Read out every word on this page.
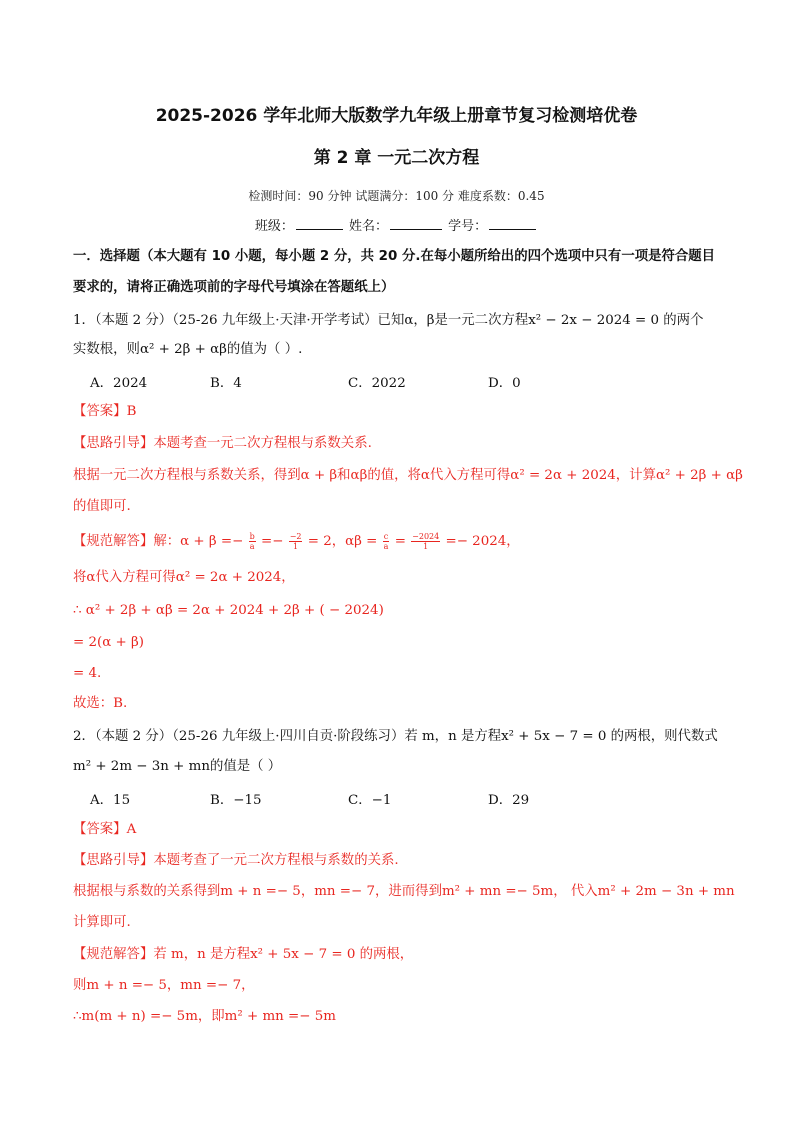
2025-2026 学年北师大版数学九年级上册章节复习检测培优卷
第 2 章 一元二次方程
检测时间：90 分钟 试题满分：100 分 难度系数：0.45
班级：	姓名：	学号：
一．选择题（本大题有 10 小题，每小题 2 分，共 20 分.在每小题所给出的四个选项中只有一项是符合题目
要求的，请将正确选项前的字母代号填涂在答题纸上）
1．（本题 2 分）（25-26 九年级上·天津·开学考试）已知α，β是一元二次方程x² − 2x − 2024 = 0 的两个
实数根，则α² + 2β + αβ的值为（ ）.
A．2024	B．4	C．2022	D．0
【答案】B
【思路引导】本题考查一元二次方程根与系数关系.
根据一元二次方程根与系数关系，得到α + β和αβ的值，将α代入方程可得α² = 2α + 2024，计算α² + 2β + αβ
的值即可.
【规范解答】解：$\alpha + \beta =- \frac{b}{a} =- \frac{-2}{1} = 2$，$\alpha\beta = \frac{c}{a} = \frac{-2024}{1} =- 2024$，
将α代入方程可得α² = 2α + 2024，
∴ α² + 2β + αβ = 2α + 2024 + 2β + ( − 2024)
= 2(α + β)
= 4.
故选：B.
2．（本题 2 分）（25-26 九年级上·四川自贡·阶段练习）若 m，n 是方程x² + 5x − 7 = 0 的两根，则代数式
m² + 2m − 3n + mn的值是（ ）
A．15	B．−15	C．−1	D．29
【答案】A
【思路引导】本题考查了一元二次方程根与系数的关系.
根据根与系数的关系得到m + n =− 5，mn =− 7，进而得到m² + mn =− 5m， 代入m² + 2m − 3n + mn
计算即可.
【规范解答】若 m，n 是方程x² + 5x − 7 = 0 的两根，
则m + n =− 5，mn =− 7，
∴m(m + n) =− 5m，即m² + mn =− 5m
